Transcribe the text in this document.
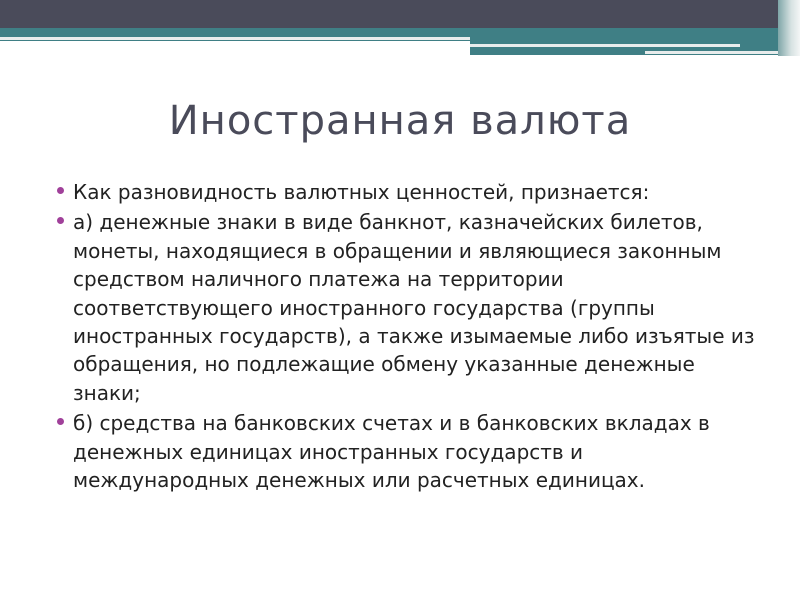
Иностранная валюта
Как разновидность валютных ценностей, признается:
а) денежные знаки в виде банкнот, казначейских билетов, монеты, находящиеся в обращении и являющиеся законным средством наличного платежа на территории соответствующего иностранного государства (группы иностранных государств), а также изымаемые либо изъятые из обращения, но подлежащие обмену указанные денежные знаки;
б) средства на банковских счетах и в банковских вкладах в денежных единицах иностранных государств и международных денежных или расчетных единицах.
